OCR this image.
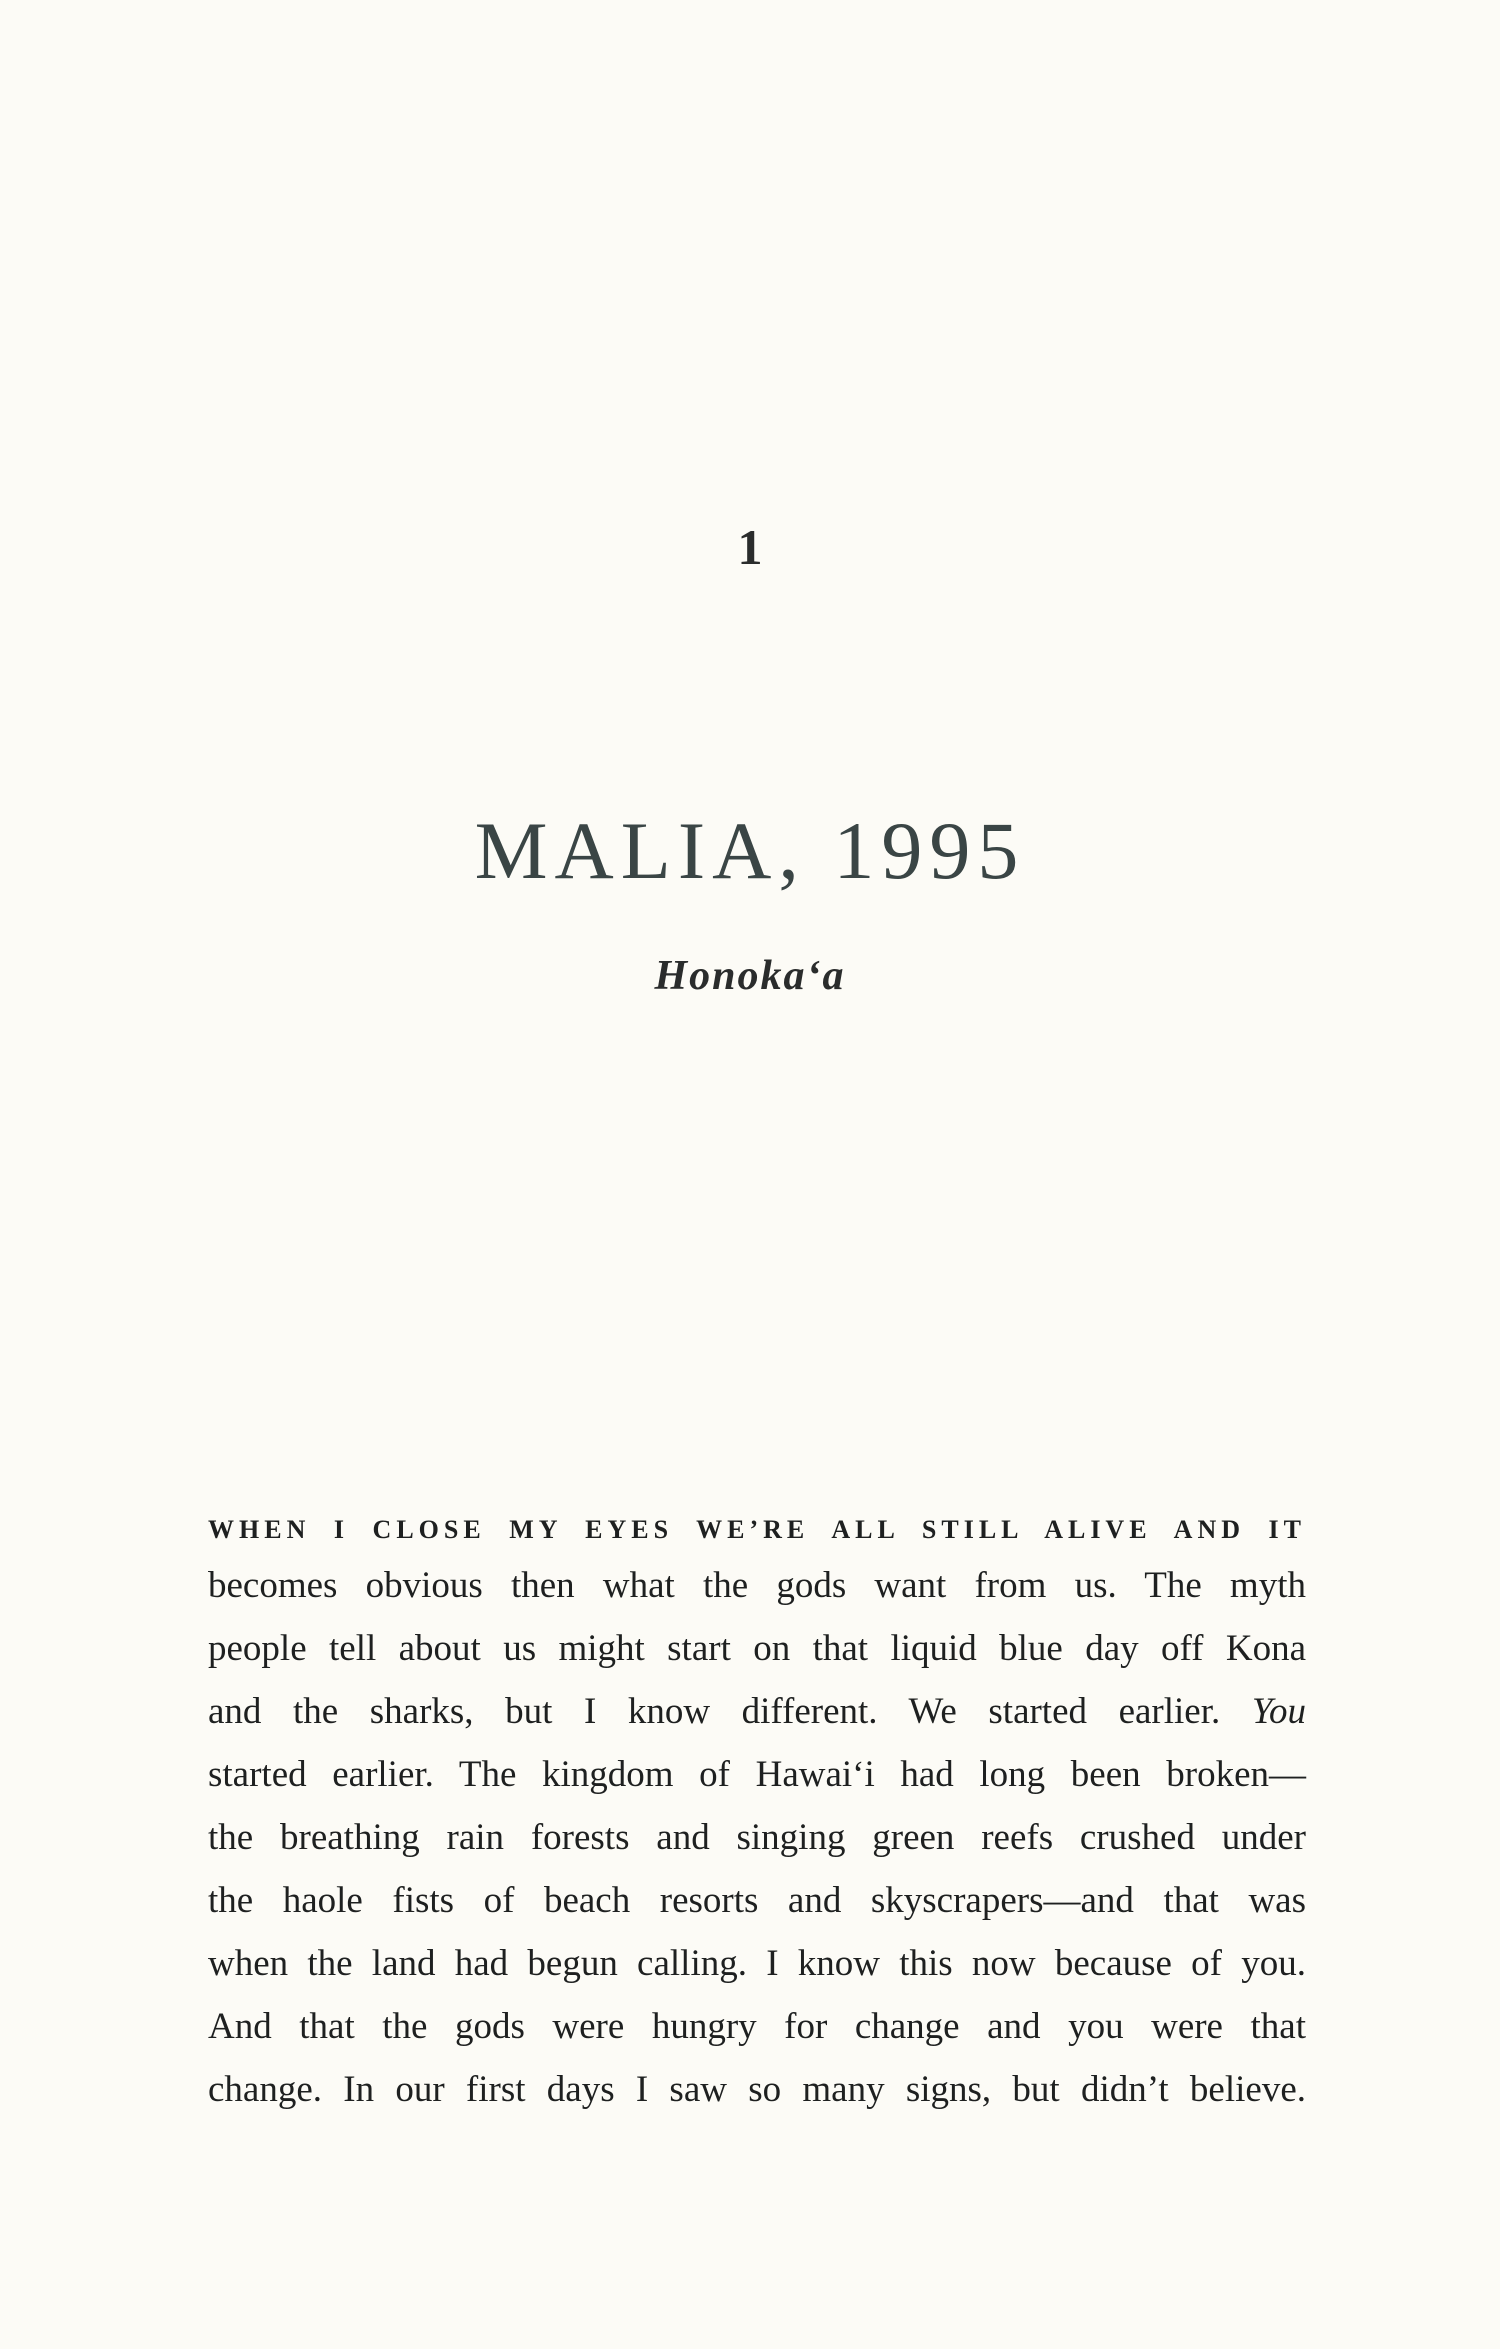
1
MALIA, 1995
Honoka‘a
WHEN I CLOSE MY EYES WE’RE ALL STILL ALIVE AND IT
becomes obvious then what the gods want from us. The myth
people tell about us might start on that liquid blue day off Kona
and the sharks, but I know different. We started earlier. You
started earlier. The kingdom of Hawai‘i had long been broken—
the breathing rain forests and singing green reefs crushed under
the haole fists of beach resorts and skyscrapers—and that was
when the land had begun calling. I know this now because of you.
And that the gods were hungry for change and you were that
change. In our first days I saw so many signs, but didn’t believe.
